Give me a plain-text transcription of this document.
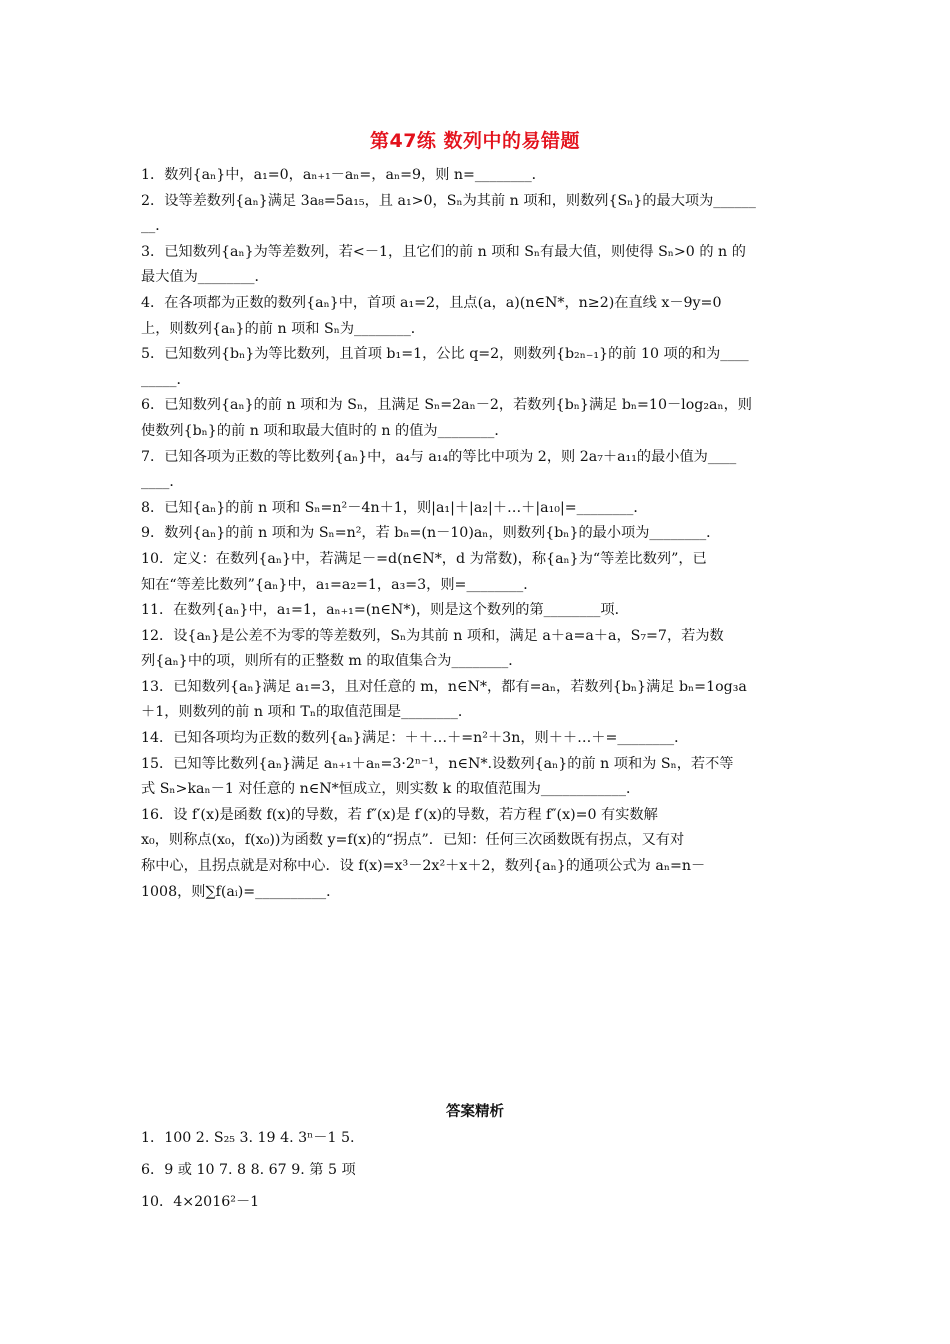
第47练 数列中的易错题
1．数列{aₙ}中，a₁=0，aₙ₊₁－aₙ=，aₙ=9，则 n=________．
2．设等差数列{aₙ}满足 3a₈=5a₁₅，且 a₁>0，Sₙ为其前 n 项和，则数列{Sₙ}的最大项为______
__．
3．已知数列{aₙ}为等差数列，若<－1，且它们的前 n 项和 Sₙ有最大值，则使得 Sₙ>0 的 n 的
最大值为________．
4．在各项都为正数的数列{aₙ}中，首项 a₁=2，且点(a，a)(n∈N*，n≥2)在直线 x－9y=0
上，则数列{aₙ}的前 n 项和 Sₙ为________．
5．已知数列{bₙ}为等比数列，且首项 b₁=1，公比 q=2，则数列{b₂ₙ₋₁}的前 10 项的和为____
_____．
6．已知数列{aₙ}的前 n 项和为 Sₙ，且满足 Sₙ=2aₙ－2，若数列{bₙ}满足 bₙ=10－log₂aₙ，则
使数列{bₙ}的前 n 项和取最大值时的 n 的值为________．
7．已知各项为正数的等比数列{aₙ}中，a₄与 a₁₄的等比中项为 2，则 2a₇＋a₁₁的最小值为____
____．
8．已知{aₙ}的前 n 项和 Sₙ=n²－4n＋1，则|a₁|＋|a₂|＋…＋|a₁₀|=________．
9．数列{aₙ}的前 n 项和为 Sₙ=n²，若 bₙ=(n－10)aₙ，则数列{bₙ}的最小项为________．
10．定义：在数列{aₙ}中，若满足－=d(n∈N*，d 为常数)，称{aₙ}为“等差比数列”，已
知在“等差比数列”{aₙ}中，a₁=a₂=1，a₃=3，则=________．
11．在数列{aₙ}中，a₁=1，aₙ₊₁=(n∈N*)，则是这个数列的第________项．
12．设{aₙ}是公差不为零的等差数列，Sₙ为其前 n 项和，满足 a＋a=a＋a，S₇=7，若为数
列{aₙ}中的项，则所有的正整数 m 的取值集合为________．
13．已知数列{aₙ}满足 a₁=3，且对任意的 m，n∈N*，都有=aₙ，若数列{bₙ}满足 bₙ=1og₃a
＋1，则数列的前 n 项和 Tₙ的取值范围是________．
14．已知各项均为正数的数列{aₙ}满足：＋＋…＋=n²＋3n，则＋＋…＋=________．
15．已知等比数列{aₙ}满足 aₙ₊₁＋aₙ=3·2ⁿ⁻¹，n∈N*.设数列{aₙ}的前 n 项和为 Sₙ，若不等
式 Sₙ>kaₙ－1 对任意的 n∈N*恒成立，则实数 k 的取值范围为____________．
16．设 f′(x)是函数 f(x)的导数，若 f″(x)是 f′(x)的导数，若方程 f″(x)=0 有实数解
x₀，则称点(x₀，f(x₀))为函数 y=f(x)的“拐点”．已知：任何三次函数既有拐点，又有对
称中心，且拐点就是对称中心．设 f(x)=x³－2x²＋x＋2，数列{aₙ}的通项公式为 aₙ=n－
1008，则∑f(aᵢ)=__________．
答案精析
1．100 2. S₂₅ 3. 19 4. 3ⁿ－1 5.
6．9 或 10 7. 8 8. 67 9. 第 5 项
10．4×2016²－1
